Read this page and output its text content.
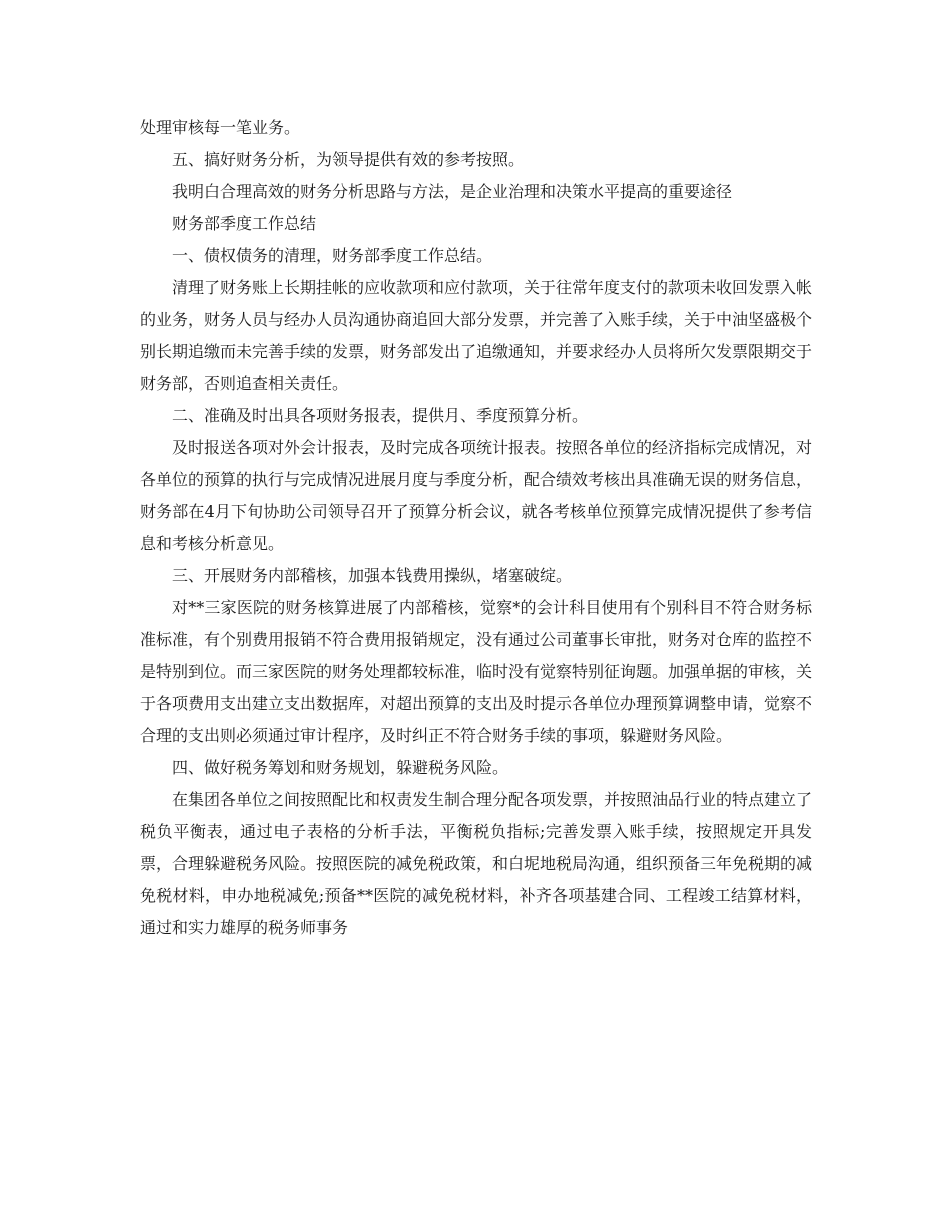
处理审核每一笔业务。

五、搞好财务分析，为领导提供有效的参考按照。

我明白合理高效的财务分析思路与方法，是企业治理和决策水平提高的重要途径

财务部季度工作总结

一、债权债务的清理，财务部季度工作总结。

清理了财务账上长期挂帐的应收款项和应付款项，关于往常年度支付的款项未收回发票入帐的业务，财务人员与经办人员沟通协商追回大部分发票，并完善了入账手续，关于中油坚盛极个别长期追缴而未完善手续的发票，财务部发出了追缴通知，并要求经办人员将所欠发票限期交于财务部，否则追查相关责任。

二、准确及时出具各项财务报表，提供月、季度预算分析。

及时报送各项对外会计报表，及时完成各项统计报表。按照各单位的经济指标完成情况，对各单位的预算的执行与完成情况进展月度与季度分析，配合绩效考核出具准确无误的财务信息，财务部在4月下旬协助公司领导召开了预算分析会议，就各考核单位预算完成情况提供了参考信息和考核分析意见。

三、开展财务内部稽核，加强本钱费用操纵，堵塞破绽。

对**三家医院的财务核算进展了内部稽核，觉察*的会计科目使用有个别科目不符合财务标准标准，有个别费用报销不符合费用报销规定，没有通过公司董事长审批，财务对仓库的监控不是特别到位。而三家医院的财务处理都较标准，临时没有觉察特别征询题。加强单据的审核，关于各项费用支出建立支出数据库，对超出预算的支出及时提示各单位办理预算调整申请，觉察不合理的支出则必须通过审计程序，及时纠正不符合财务手续的事项，躲避财务风险。

四、做好税务筹划和财务规划，躲避税务风险。

在集团各单位之间按照配比和权责发生制合理分配各项发票，并按照油品行业的特点建立了税负平衡表，通过电子表格的分析手法，平衡税负指标;完善发票入账手续，按照规定开具发票，合理躲避税务风险。按照医院的减免税政策，和白坭地税局沟通，组织预备三年免税期的减免税材料，申办地税减免;预备**医院的减免税材料，补齐各项基建合同、工程竣工结算材料，通过和实力雄厚的税务师事务
